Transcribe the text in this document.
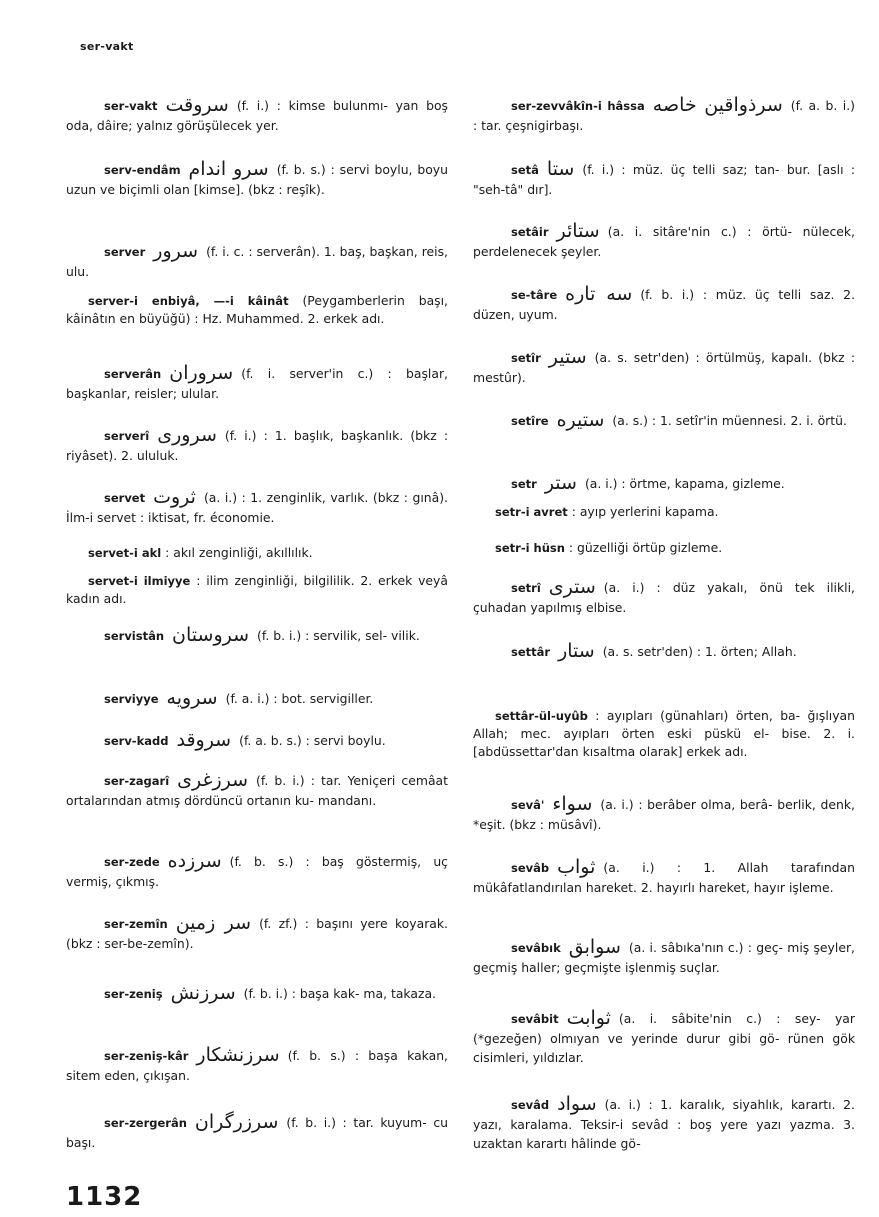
ser-vakt
ser-vakt سروقت (f. i.) : kimse bulunmı- yan boş oda, dâire; yalnız görüşülecek yer.
serv-endâm سرو اندام (f. b. s.) : servi boylu, boyu uzun ve biçimli olan [kimse]. (bkz : reşîk).
server سرور (f. i. c. : serverân). 1. baş, başkan, reis, ulu.
server-i enbiyâ, —-i kâinât (Peygamberlerin başı, kâinâtın en büyüğü) : Hz. Muhammed. 2. erkek adı.
serverân سروران (f. i. server'in c.) : başlar, başkanlar, reisler; ulular.
serverî سروری (f. i.) : 1. başlık, başkanlık. (bkz : riyâset). 2. ululuk.
servet ثروت (a. i.) : 1. zenginlik, varlık. (bkz : gınâ). İlm-i servet : iktisat, fr. économie.
servet-i akl : akıl zenginliği, akıllılık.
servet-i ilmiyye : ilim zenginliği, bilgililik. 2. erkek veyâ kadın adı.
servistân سروستان (f. b. i.) : servilik, sel- vilik.
serviyye سرویه (f. a. i.) : bot. servigiller.
serv-kadd سروقد (f. a. b. s.) : servi boylu.
ser-zagarî سرزغری (f. b. i.) : tar. Yeniçeri cemâat ortalarından atmış dördüncü ortanın ku- mandanı.
ser-zede سرزده (f. b. s.) : baş göstermiş, uç vermiş, çıkmış.
ser-zemîn سر زمين (f. zf.) : başını yere koyarak. (bkz : ser-be-zemîn).
ser-zeniş سرزنش (f. b. i.) : başa kak- ma, takaza.
ser-zeniş-kâr سرزنشكار (f. b. s.) : başa kakan, sitem eden, çıkışan.
ser-zergerân سرزرگران (f. b. i.) : tar. kuyum- cu başı.
ser-zevvâkîn-i hâssa سرذواقين خاصه (f. a. b. i.) : tar. çeşnigirbaşı.
setâ ستا (f. i.) : müz. üç telli saz; tan- bur. [aslı : "seh-tâ" dır].
setâir ستائر (a. i. sitâre'nin c.) : örtü- nülecek, perdelenecek şeyler.
se-târe سه تاره (f. b. i.) : müz. üç telli saz. 2. düzen, uyum.
setîr ستير (a. s. setr'den) : örtülmüş, kapalı. (bkz : mestûr).
setîre ستيره (a. s.) : 1. setîr'in müennesi. 2. i. örtü.
setr ستر (a. i.) : örtme, kapama, gizleme.
setr-i avret : ayıp yerlerini kapama.
setr-i hüsn : güzelliği örtüp gizleme.
setrî سترى (a. i.) : düz yakalı, önü tek ilikli, çuhadan yapılmış elbise.
settâr ستار (a. s. setr'den) : 1. örten; Allah.
settâr-ül-uyûb : ayıpları (günahları) örten, ba- ğışlıyan Allah; mec. ayıpları örten eski püskü el- bise. 2. i. [abdüssettar'dan kısaltma olarak] erkek adı.
sevâ' سواء (a. i.) : berâber olma, berâ- berlik, denk, *eşit. (bkz : müsâvî).
sevâb ثواب (a. i.) : 1. Allah tarafından mükâfatlandırılan hareket. 2. hayırlı hareket, hayır işleme.
sevâbık سوابق (a. i. sâbıka'nın c.) : geç- miş şeyler, geçmiş haller; geçmişte işlenmiş suçlar.
sevâbit ثوابت (a. i. sâbite'nin c.) : sey- yar (*gezeğen) olmıyan ve yerinde durur gibi gö- rünen gök cisimleri, yıldızlar.
sevâd سواد (a. i.) : 1. karalık, siyahlık, karartı. 2. yazı, karalama. Teksir-i sevâd : boş yere yazı yazma. 3. uzaktan karartı hâlinde gö-
1132
